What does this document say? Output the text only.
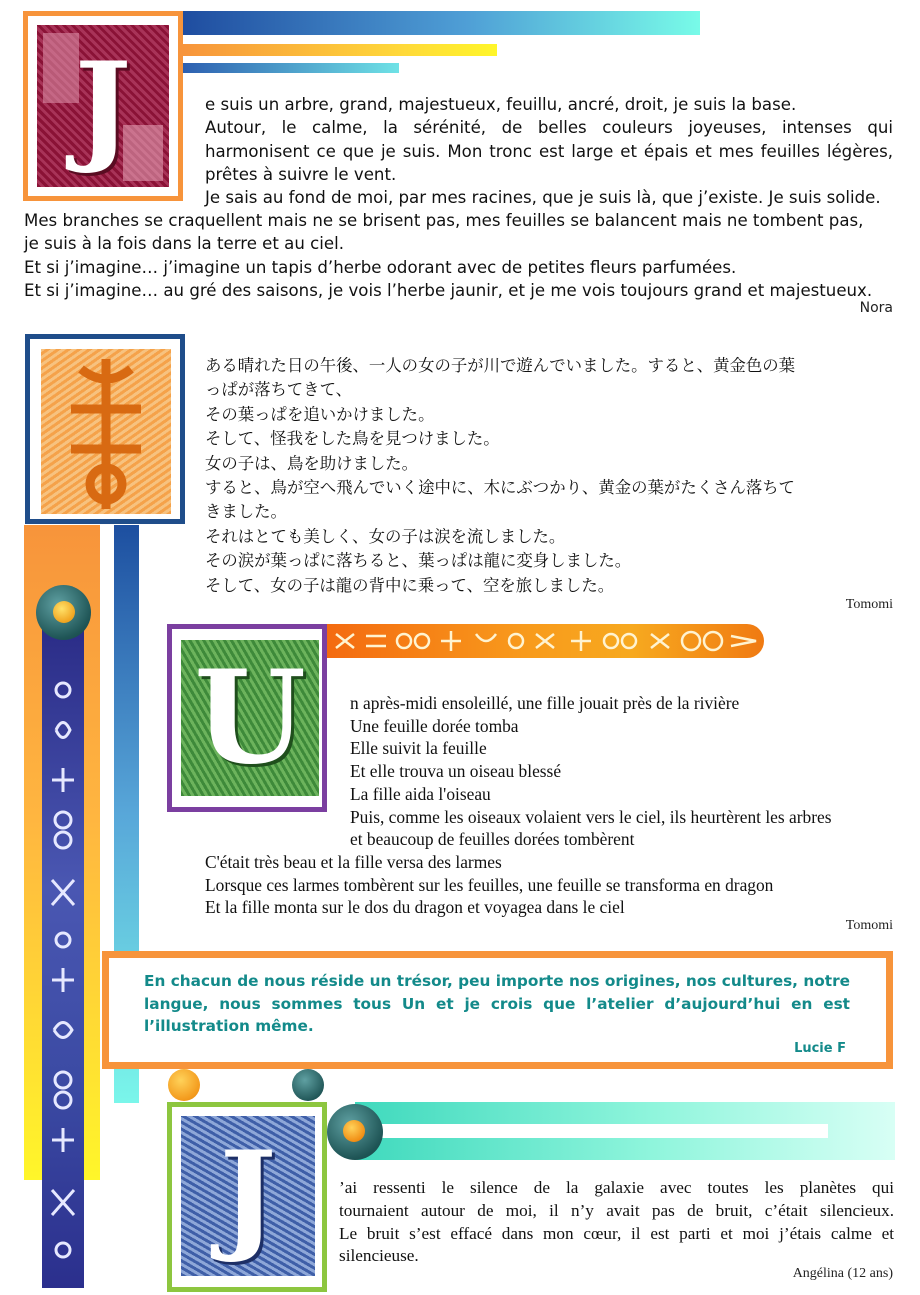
J	e suis un arbre, grand, majestueux, feuillu, ancré, droit, je suis la base.
Autour, le calme, la sérénité, de belles couleurs joyeuses, intenses qui
harmonisent ce que je suis. Mon tronc est large et épais et mes feuilles légères,
prêtes à suivre le vent.
Je sais au fond de moi, par mes racines, que je suis là, que j’existe. Je suis solide.
Mes branches se craquellent mais ne se brisent pas, mes feuilles se balancent mais ne tombent pas,
je suis à la fois dans la terre et au ciel.
Et si j’imagine… j’imagine un tapis d’herbe odorant avec de petites fleurs parfumées.
Et si j’imagine… au gré des saisons, je vois l’herbe jaunir, et je me vois toujours grand et majestueux.
Nora
ある晴れた日の午後、一人の女の子が川で遊んでいました。すると、黄金色の葉
っぱが落ちてきて、
その葉っぱを追いかけました。
そして、怪我をした鳥を見つけました。
女の子は、鳥を助けました。
すると、鳥が空へ飛んでいく途中に、木にぶつかり、黄金の葉がたくさん落ちて
きました。
それはとても美しく、女の子は涙を流しました。
その涙が葉っぱに落ちると、葉っぱは龍に変身しました。
そして、女の子は龍の背中に乗って、空を旅しました。
Tomomi
U	n après-midi ensoleillé, une fille jouait près de la rivière
Une feuille dorée tomba
Elle suivit la feuille
Et elle trouva un oiseau blessé
La fille aida l'oiseau
Puis, comme les oiseaux volaient vers le ciel, ils heurtèrent les arbres
et beaucoup de feuilles dorées tombèrent
C'était très beau et la fille versa des larmes
Lorsque ces larmes tombèrent sur les feuilles, une feuille se transforma en dragon
Et la fille monta sur le dos du dragon et voyagea dans le ciel
Tomomi
En chacun de nous réside un trésor, peu importe nos origines, nos cultures, notre
langue, nous sommes tous Un et je crois que l’atelier d’aujourd’hui en est
l’illustration même.
Lucie F
J	’ai ressenti le silence de la galaxie avec toutes les planètes qui
tournaient autour de moi, il n’y avait pas de bruit, c’était silencieux.
Le bruit s’est effacé dans mon cœur, il est parti et moi j’étais calme et
silencieuse.
Angélina (12 ans)
